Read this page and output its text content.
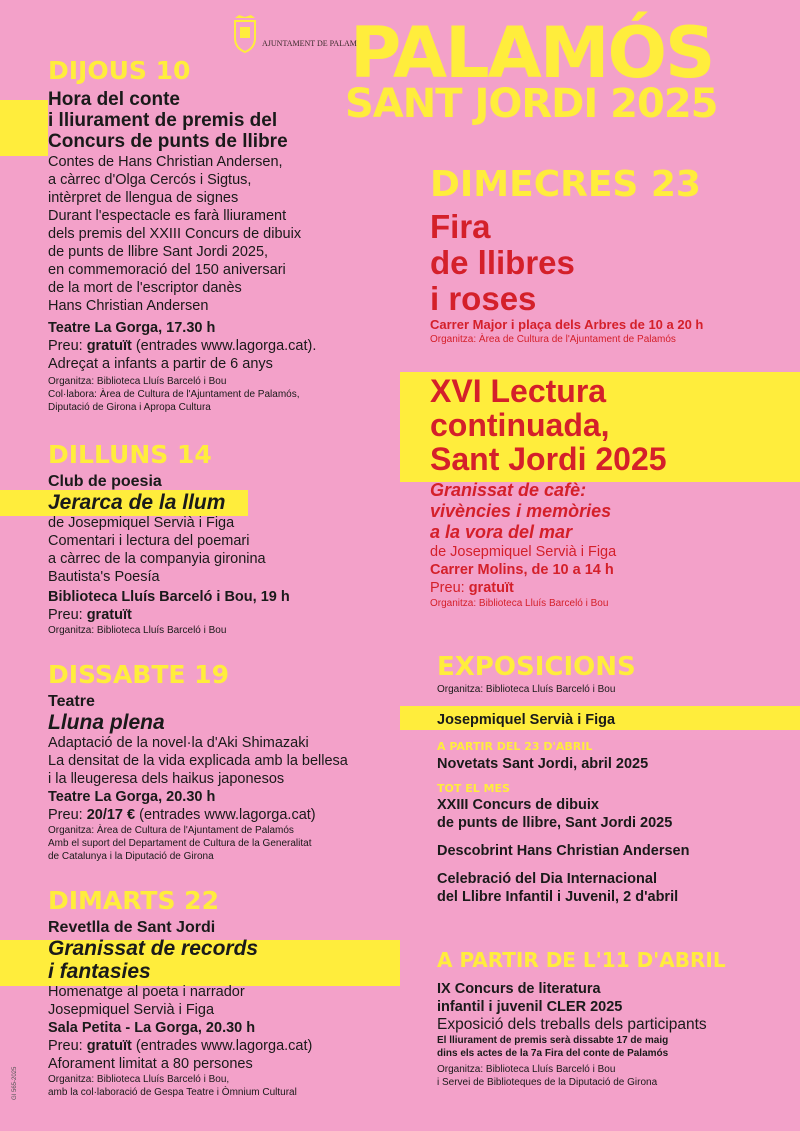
AJUNTAMENT DE PALAMÓS
PALAMÓS
SANT JORDI 2025
DIJOUS 10
Hora del conte
i lliurament de premis del
Concurs de punts de llibre
Contes de Hans Christian Andersen,
a càrrec d'Olga Cercós i Sigtus,
intèrpret de llengua de signes
Durant l'espectacle es farà lliurament
dels premis del XXIII Concurs de dibuix
de punts de llibre Sant Jordi 2025,
en commemoració del 150 aniversari
de la mort de l'escriptor danès
Hans Christian Andersen
Teatre La Gorga, 17.30 h
Preu: gratuït (entrades www.lagorga.cat).
Adreçat a infants a partir de 6 anys
Organitza: Biblioteca Lluís Barceló i Bou
Col·labora: Àrea de Cultura de l'Ajuntament de Palamós,
Diputació de Girona i Apropa Cultura
DILLUNS 14
Club de poesia
Jerarca de la llum
de Josepmiquel Servià i Figa
Comentari i lectura del poemari
a càrrec de la companyia gironina
Bautista's Poesía
Biblioteca Lluís Barceló i Bou, 19 h
Preu: gratuït
Organitza: Biblioteca Lluís Barceló i Bou
DISSABTE 19
Teatre
Lluna plena
Adaptació de la novel·la d'Aki Shimazaki
La densitat de la vida explicada amb la bellesa
i la lleugeresa dels haikus japonesos
Teatre La Gorga, 20.30 h
Preu: 20/17 € (entrades www.lagorga.cat)
Organitza: Àrea de Cultura de l'Ajuntament de Palamós
Amb el suport del Departament de Cultura de la Generalitat
de Catalunya i la Diputació de Girona
DIMARTS 22
Revetlla de Sant Jordi
Granissat de records
i fantasies
Homenatge al poeta i narrador
Josepmiquel Servià i Figa
Sala Petita - La Gorga, 20.30 h
Preu: gratuït (entrades www.lagorga.cat)
Aforament limitat a 80 persones
Organitza: Biblioteca Lluís Barceló i Bou,
amb la col·laboració de Gespa Teatre i Òmnium Cultural
DIMECRES 23
Fira
de llibres
i roses
Carrer Major i plaça dels Arbres de 10 a 20 h
Organitza: Àrea de Cultura de l'Ajuntament de Palamós
XVI Lectura
continuada,
Sant Jordi 2025
Granissat de cafè:
vivències i memòries
a la vora del mar
de Josepmiquel Servià i Figa
Carrer Molins, de 10 a 14 h
Preu: gratuït
Organitza: Biblioteca Lluís Barceló i Bou
EXPOSICIONS
Organitza: Biblioteca Lluís Barceló i Bou
Josepmiquel Servià i Figa
A PARTIR DEL 23 D'ABRIL
Novetats Sant Jordi, abril 2025
TOT EL MES
XXIII Concurs de dibuix
de punts de llibre, Sant Jordi 2025
Descobrint Hans Christian Andersen
Celebració del Dia Internacional
del Llibre Infantil i Juvenil, 2 d'abril
A PARTIR DE L'11 D'ABRIL
IX Concurs de literatura
infantil i juvenil CLER 2025
Exposició dels treballs dels participants
El lliurament de premis serà dissabte 17 de maig
dins els actes de la 7a Fira del conte de Palamós
Organitza: Biblioteca Lluís Barceló i Bou
i Servei de Biblioteques de la Diputació de Girona
GI 565-2025
